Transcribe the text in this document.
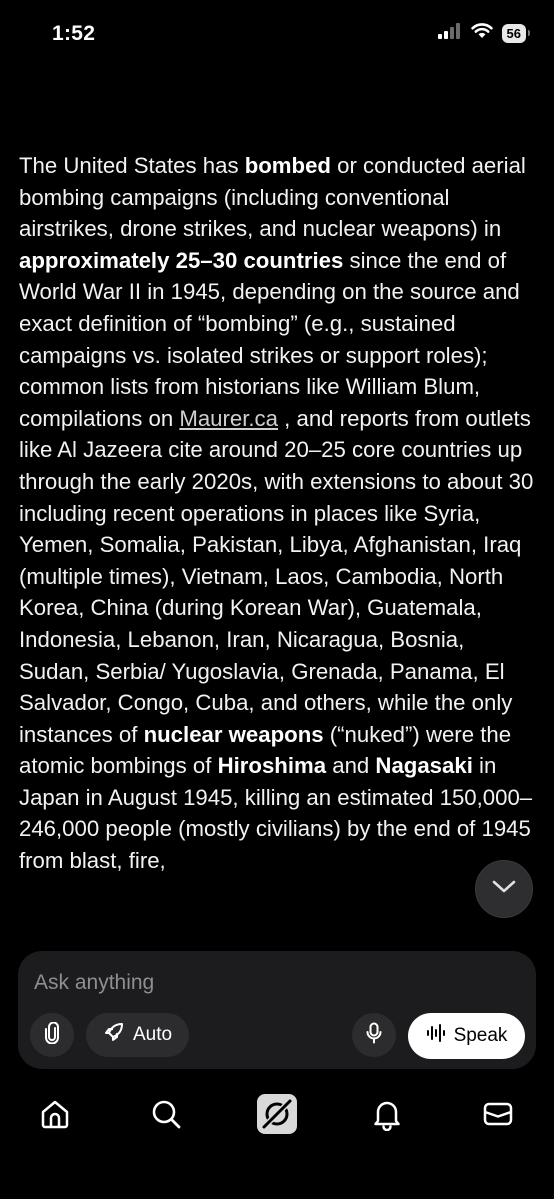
1:52	56

The United States has bombed or conducted aerial bombing campaigns (including conventional airstrikes, drone strikes, and nuclear weapons) in approximately 25–30 countries since the end of World War II in 1945, depending on the source and exact definition of “bombing” (e.g., sustained campaigns vs. isolated strikes or support roles); common lists from historians like William Blum, compilations on Maurer.ca , and reports from outlets like Al Jazeera cite around 20–25 core countries up through the early 2020s, with extensions to about 30 including recent operations in places like Syria, Yemen, Somalia, Pakistan, Libya, Afghanistan, Iraq (multiple times), Vietnam, Laos, Cambodia, North Korea, China (during Korean War), Guatemala, Indonesia, Lebanon, Iran, Nicaragua, Bosnia, Sudan, Serbia/ Yugoslavia, Grenada, Panama, El Salvador, Congo, Cuba, and others, while the only instances of nuclear weapons (“nuked”) were the atomic bombings of Hiroshima and Nagasaki in Japan in August 1945, killing an estimated 150,000–246,000 people (mostly civilians) by the end of 1945 from blast, fire,

Ask anything
Auto	Speak
